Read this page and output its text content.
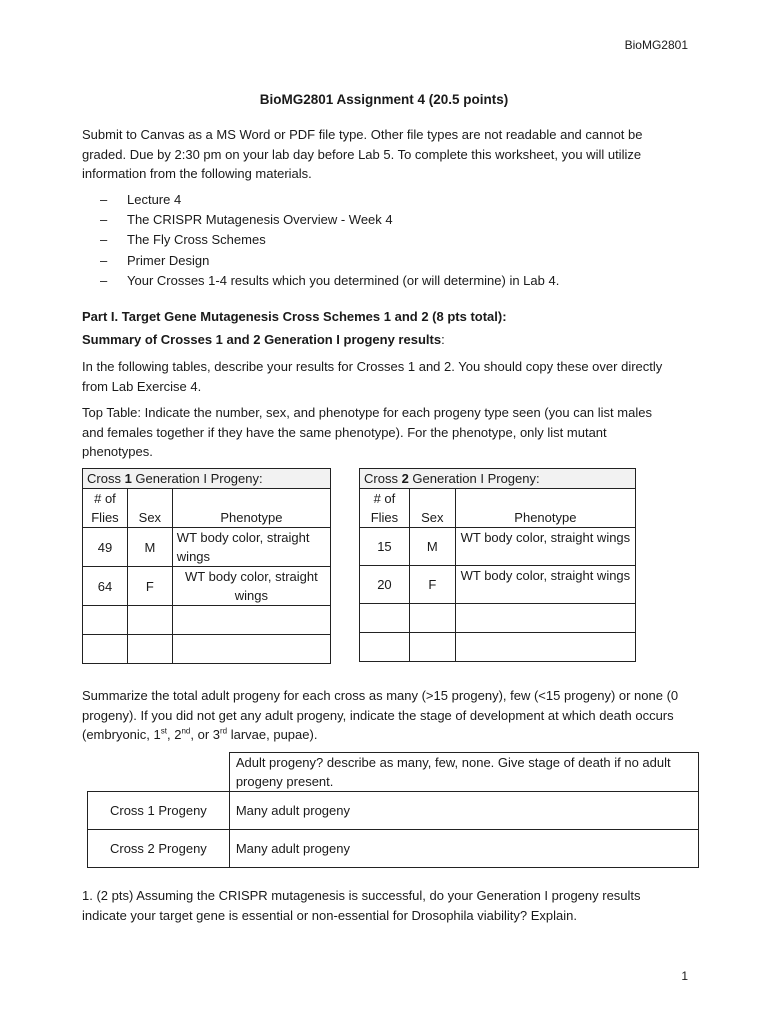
BioMG2801
BioMG2801 Assignment 4 (20.5 points)
Submit to Canvas as a MS Word or PDF file type. Other file types are not readable and cannot be graded. Due by 2:30 pm on your lab day before Lab 5. To complete this worksheet, you will utilize information from the following materials.
– Lecture 4
– The CRISPR Mutagenesis Overview - Week 4
– The Fly Cross Schemes
– Primer Design
– Your Crosses 1-4 results which you determined (or will determine) in Lab 4.
Part I. Target Gene Mutagenesis Cross Schemes 1 and 2 (8 pts total):
Summary of Crosses 1 and 2 Generation I progeny results:
In the following tables, describe your results for Crosses 1 and 2. You should copy these over directly from Lab Exercise 4.
Top Table: Indicate the number, sex, and phenotype for each progeny type seen (you can list males and females together if they have the same phenotype). For the phenotype, only list mutant phenotypes.
Cross 1 Generation I Progeny:		
# of Flies	Sex	Phenotype
49	M	WT body color, straight wings
64	F	WT body color, straight wings

Cross 2 Generation I Progeny:		
# of Flies	Sex	Phenotype
15	M	WT body color, straight wings
20	F	WT body color, straight wings

Summarize the total adult progeny for each cross as many (>15 progeny), few (<15 progeny) or none (0 progeny). If you did not get any adult progeny, indicate the stage of development at which death occurs (embryonic, 1st, 2nd, or 3rd larvae, pupae).
	Adult progeny? describe as many, few, none. Give stage of death if no adult progeny present.
Cross 1 Progeny	Many adult progeny
Cross 2 Progeny	Many adult progeny
1. (2 pts) Assuming the CRISPR mutagenesis is successful, do your Generation I progeny results indicate your target gene is essential or non-essential for Drosophila viability? Explain.
1
